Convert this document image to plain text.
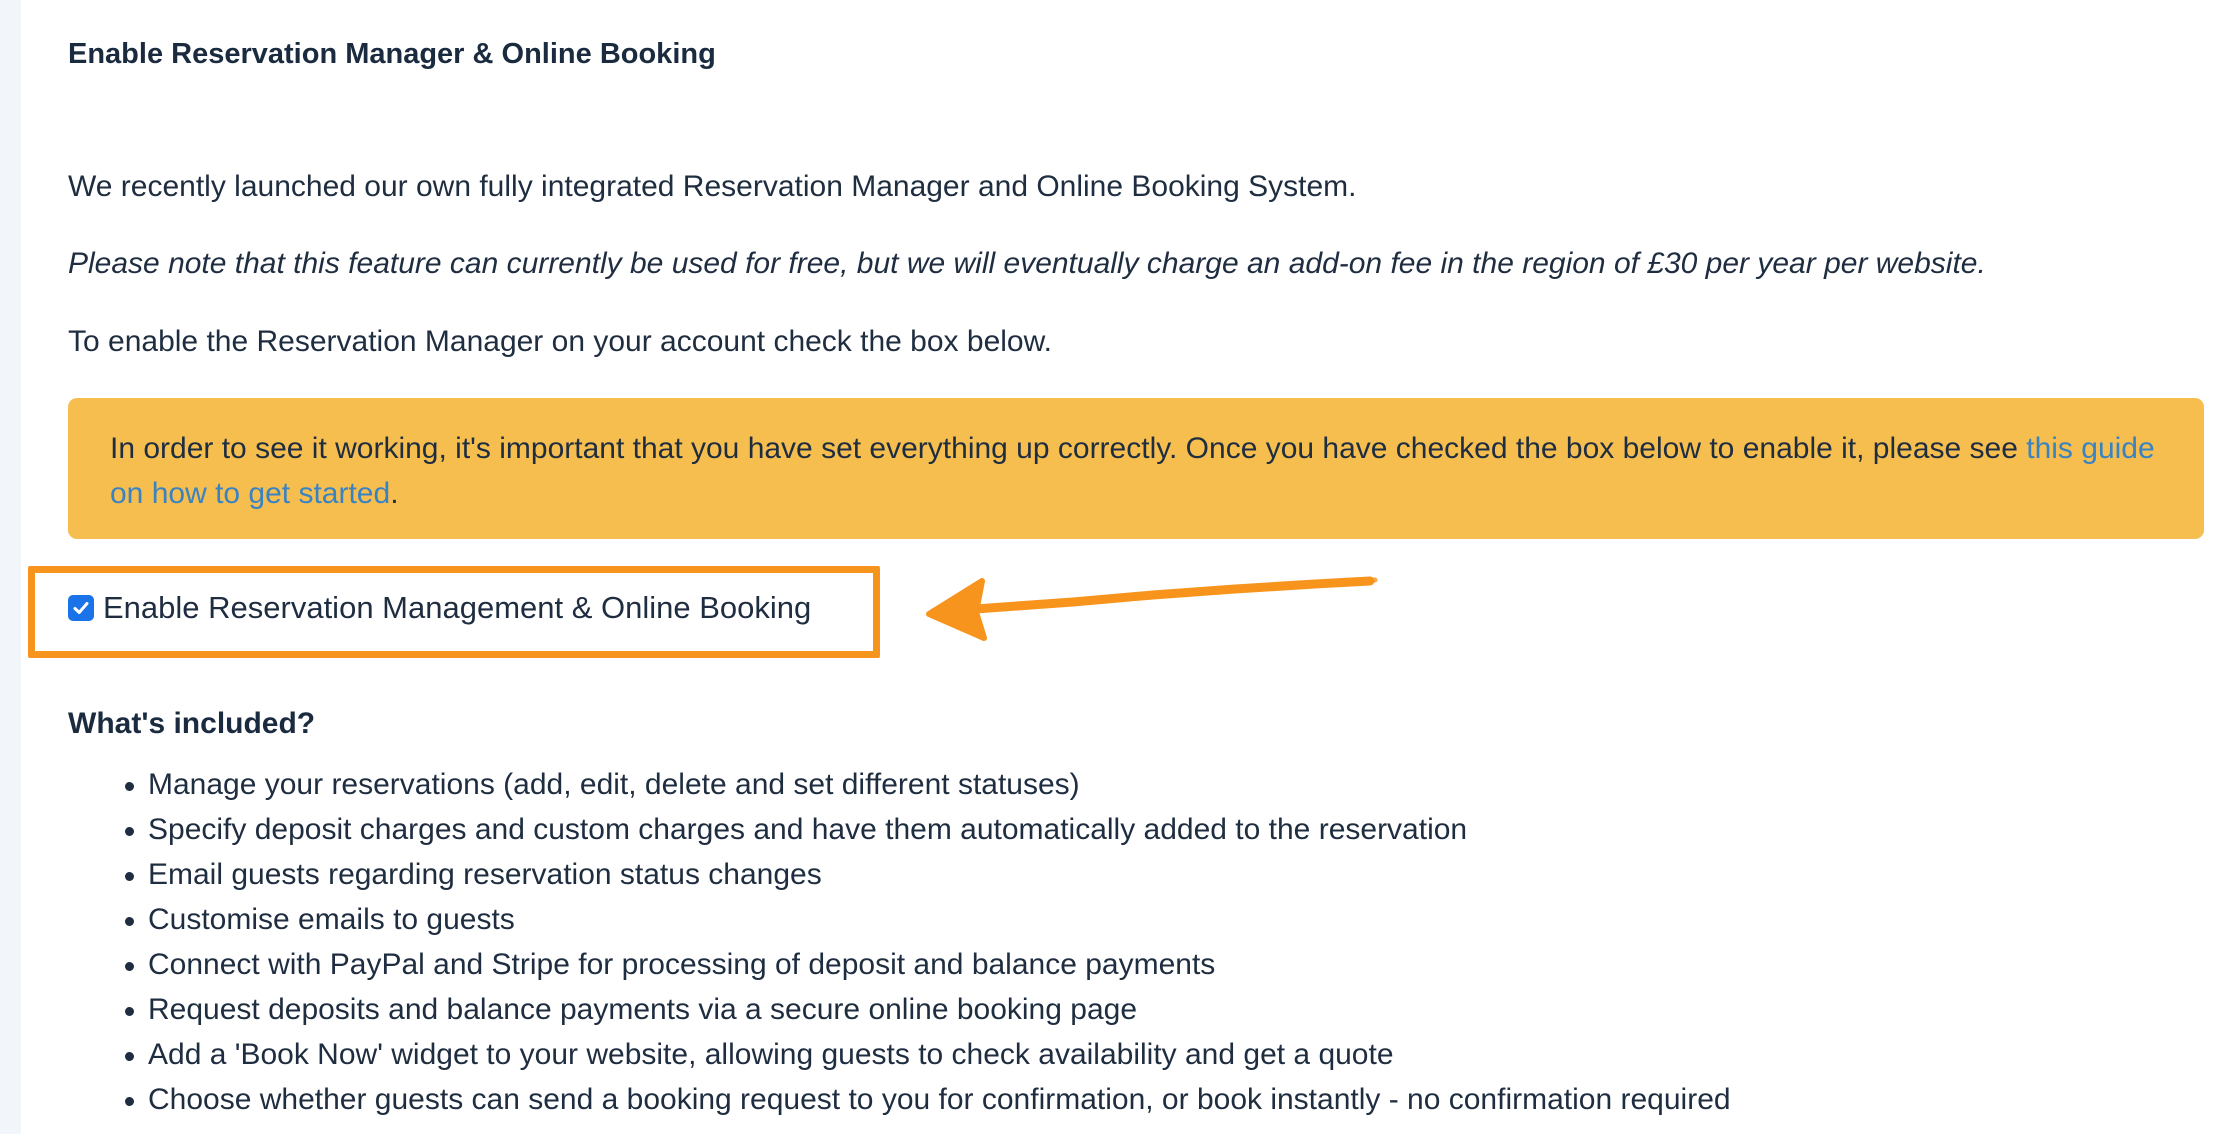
Enable Reservation Manager & Online Booking

We recently launched our own fully integrated Reservation Manager and Online Booking System.

Please note that this feature can currently be used for free, but we will eventually charge an add-on fee in the region of £30 per year per website.

To enable the Reservation Manager on your account check the box below.

In order to see it working, it's important that you have set everything up correctly. Once you have checked the box below to enable it, please see this guide on how to get started.
Enable Reservation Management & Online Booking
What's included?
Manage your reservations (add, edit, delete and set different statuses)
Specify deposit charges and custom charges and have them automatically added to the reservation
Email guests regarding reservation status changes
Customise emails to guests
Connect with PayPal and Stripe for processing of deposit and balance payments
Request deposits and balance payments via a secure online booking page
Add a 'Book Now' widget to your website, allowing guests to check availability and get a quote
Choose whether guests can send a booking request to you for confirmation, or book instantly - no confirmation required
